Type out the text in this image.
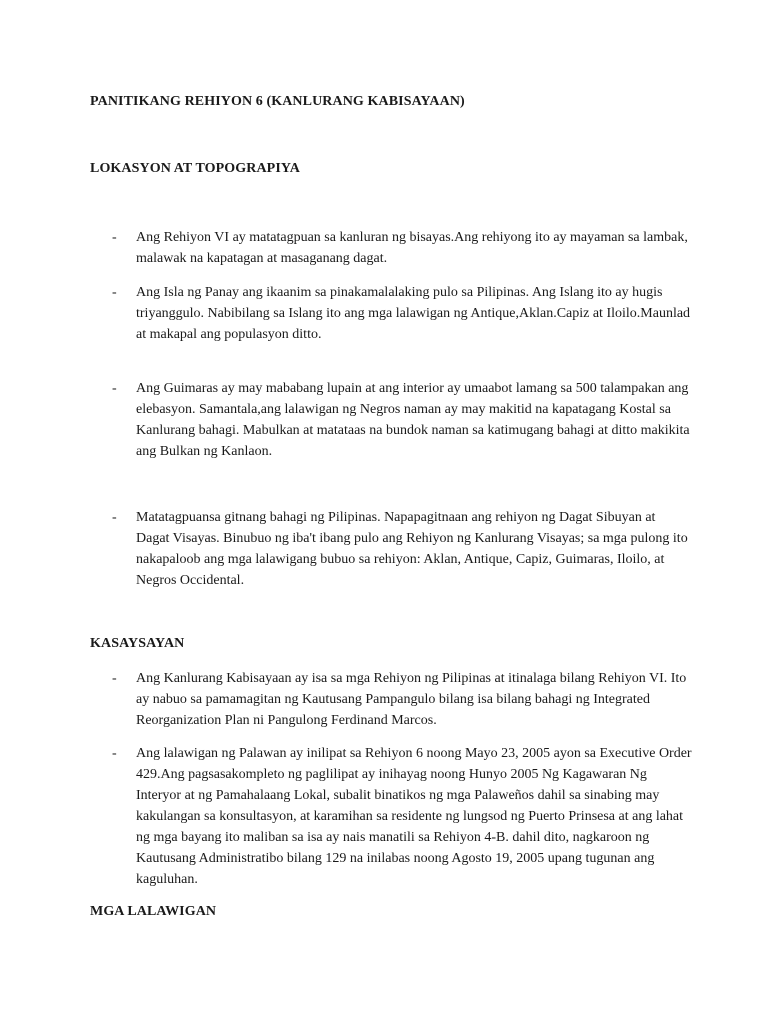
PANITIKANG REHIYON 6 (KANLURANG KABISAYAAN)
LOKASYON AT TOPOGRAPIYA
-	Ang Rehiyon VI ay matatagpuan sa kanluran ng bisayas.Ang rehiyong ito ay mayaman sa lambak, malawak na kapatagan at masaganang dagat.
-	Ang Isla ng Panay ang ikaanim sa pinakamalalaking pulo sa Pilipinas. Ang Islang ito ay hugis triyanggulo. Nabibilang sa Islang ito ang mga lalawigan ng Antique,Aklan.Capiz at Iloilo.Maunlad at makapal ang populasyon ditto.
-	Ang Guimaras ay may mababang lupain at ang interior ay umaabot lamang sa 500 talampakan ang elebasyon. Samantala,ang lalawigan ng Negros naman ay may makitid na kapatagang Kostal sa Kanlurang bahagi. Mabulkan at matataas na bundok naman sa katimugang bahagi at ditto makikita ang Bulkan ng Kanlaon.
-	Matatagpuansa gitnang bahagi ng Pilipinas. Napapagitnaan ang rehiyon ng Dagat Sibuyan at Dagat Visayas. Binubuo ng iba't ibang pulo ang Rehiyon ng Kanlurang Visayas; sa mga pulong ito nakapaloob ang mga lalawigang bubuo sa rehiyon: Aklan, Antique, Capiz, Guimaras, Iloilo, at Negros Occidental.
KASAYSAYAN
-	Ang Kanlurang Kabisayaan ay isa sa mga Rehiyon ng Pilipinas at itinalaga bilang Rehiyon VI. Ito ay nabuo sa pamamagitan ng Kautusang Pampangulo bilang isa bilang bahagi ng Integrated Reorganization Plan ni Pangulong Ferdinand Marcos.
-	Ang lalawigan ng Palawan ay inilipat sa Rehiyon 6 noong Mayo 23, 2005 ayon sa Executive Order 429.Ang pagsasakompleto ng paglilipat ay inihayag noong Hunyo 2005 Ng Kagawaran Ng Interyor at ng Pamahalaang Lokal, subalit binatikos ng mga Palaweños dahil sa sinabing may kakulangan sa konsultasyon, at karamihan sa residente ng lungsod ng Puerto Prinsesa at ang lahat ng mga bayang ito maliban sa isa ay nais manatili sa Rehiyon 4-B. dahil dito, nagkaroon ng Kautusang Administratibo bilang 129 na inilabas noong Agosto 19, 2005 upang tugunan ang kaguluhan.
MGA LALAWIGAN
